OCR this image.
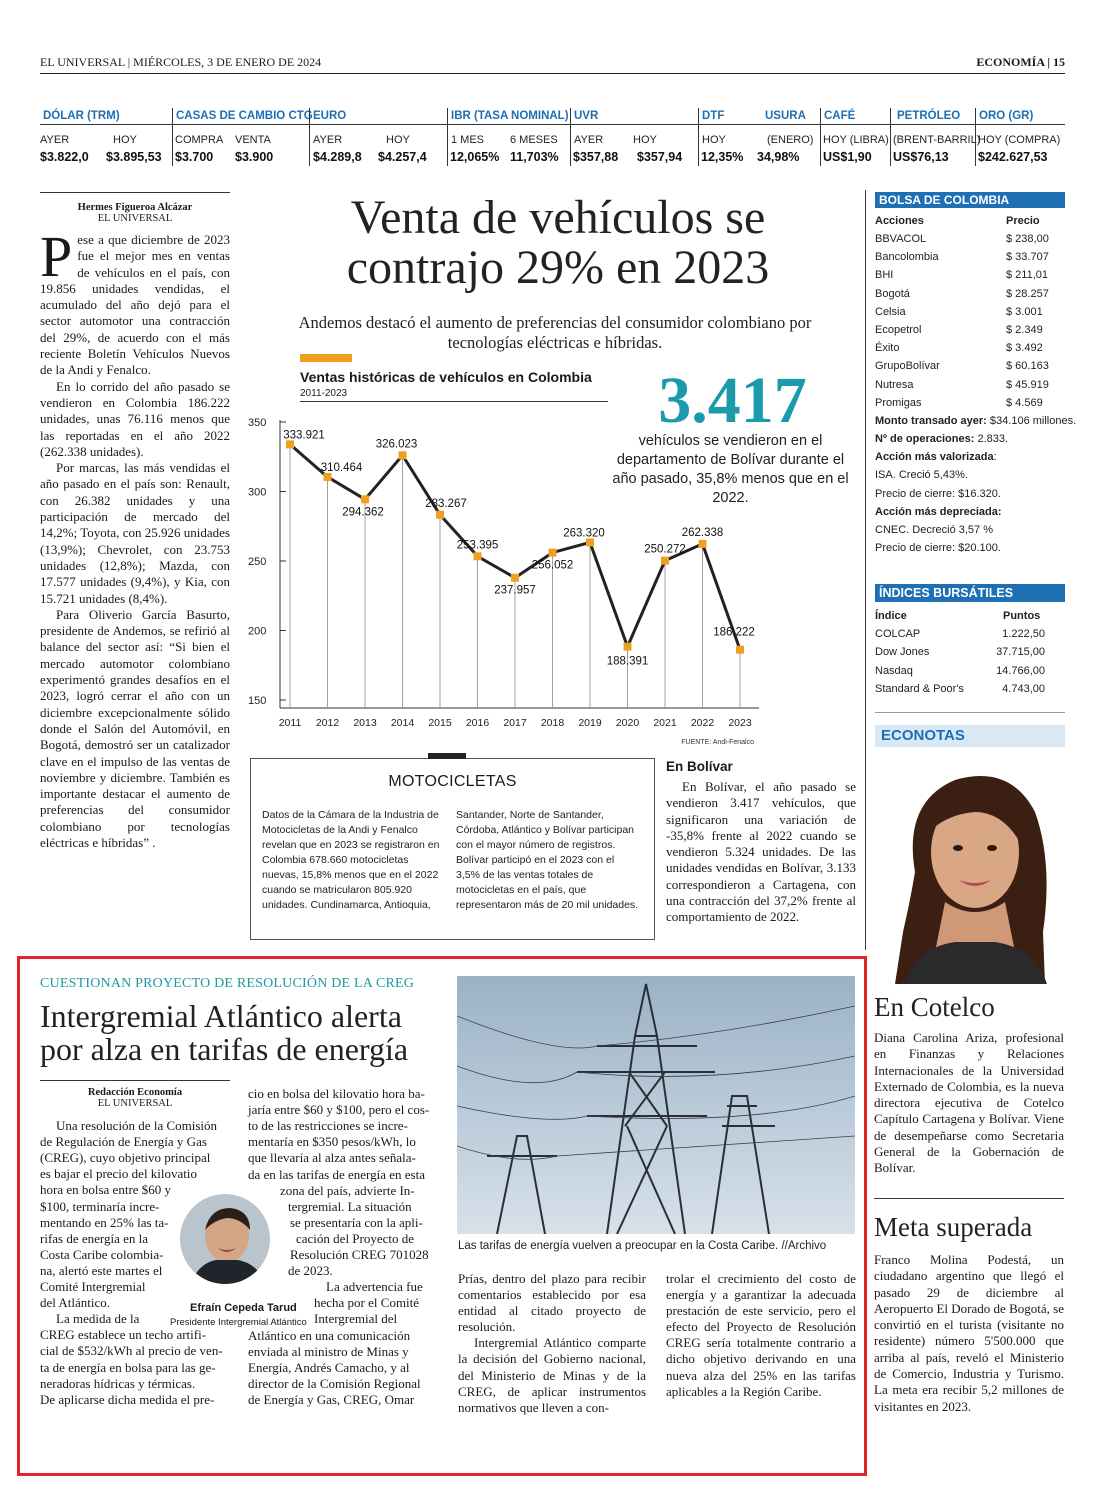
EL UNIVERSAL | MIÉRCOLES, 3 DE ENERO DE 2024	ECONOMÍA | 15
DÓLAR (TRM)
AYER	HOY
$3.822,0 $3.895,53
CASAS DE CAMBIO CTG
COMPRA VENTA
$3.700 $3.900
EURO
AYER	HOY
$4.289,8 $4.257,4
IBR (TASA NOMINAL)
1 MES 6 MESES
12,065% 11,703%
UVR
AYER	HOY
$357,88 $357,94
DTF	USURA
HOY	(ENERO)
12,35% 34,98%
CAFÉ
HOY (LIBRA)
US$1,90
PETRÓLEO
(BRENT-BARRIL)
US$76,13
ORO (GR)
HOY (COMPRA)
$242.627,53
Hermes Figueroa Alcázar
EL UNIVERSAL

Pese a que diciembre de 2023 fue el mejor mes en ventas de vehículos en el país, con 19.856 unidades vendidas, el acumulado del año dejó para el sector automotor una contracción del 29%, de acuerdo con el más reciente Boletín Vehículos Nuevos de la Andi y Fenalco.

En lo corrido del año pasado se vendieron en Colombia 186.222 unidades, unas 76.116 menos que las reportadas en el año 2022 (262.338 unidades).

Por marcas, las más vendidas el año pasado en el país son: Renault, con 26.382 unidades y una participación de mercado del 14,2%; Toyota, con 25.926 unidades (13,9%); Chevrolet, con 23.753 unidades (12,8%); Mazda, con 17.577 unidades (9,4%), y Kia, con 15.721 unidades (8,4%).

Para Oliverio García Basurto, presidente de Andemos, se refirió al balance del sector así: “Si bien el mercado automotor colombiano experimentó grandes desafíos en el 2023, logró cerrar el año con un diciembre excepcionalmente sólido donde el Salón del Automóvil, en Bogotá, demostró ser un catalizador clave en el impulso de las ventas de noviembre y diciembre. También es importante destacar el aumento de preferencias del consumidor colombiano por tecnologías eléctricas e híbridas” .

Venta de vehículos se
contrajo 29% en 2023
Andemos destacó el aumento de preferencias del consumidor colombiano por tecnologías eléctricas e híbridas.
Ventas históricas de vehículos en Colombia
2011-2023
150
200
250
300
350
333.921
2011
310.464
2012
294.362
2013
326.023
2014
283.267
2015
253.395
2016
237.957
2017
256.052
2018
263.320
2019
188.391
2020
250.272
2021
262.338
2022
186.222
2023
FUENTE: Andi-Fenalco
3.417
vehículos se vendieron en el departamento de Bolívar durante el año pasado, 35,8% menos que en el 2022.
MOTOCICLETAS
Datos de la Cámara de la Industria de Motocicletas de la Andi y Fenalco revelan que en 2023 se registraron en Colombia 678.660 motocicletas nuevas, 15,8% menos que en el 2022 cuando se matricularon 805.920 unidades. Cundinamarca, Antioquia,
Santander, Norte de Santander, Córdoba, Atlántico y Bolívar participan con el mayor número de registros. Bolívar participó en el 2023 con el 3,5% de las ventas totales de motocicletas en el país, que representaron más de 20 mil unidades.
En Bolívar

En Bolívar, el año pasado se vendieron 3.417 vehículos, que significaron una variación de -35,8% frente al 2022 cuando se vendieron 5.324 unidades. De las unidades vendidas en Bolívar, 3.133 correspondieron a Cartagena, con una contracción del 37,2% frente al comportamiento de 2022.

BOLSA DE COLOMBIA
Acciones	Precio
BBVACOL	$ 238,00
Bancolombia	$ 33.707
BHI	$ 211,01
Bogotá	$ 28.257
Celsia	$ 3.001
Ecopetrol	$ 2.349
Éxito	$ 3.492
GrupoBolívar	$ 60.163
Nutresa	$ 45.919
Promigas	$ 4.569
Monto transado ayer: $34.106 millones.
Nº de operaciones: 2.833.
Acción más valorizada:
ISA. Creció 5,43%.
Precio de cierre: $16.320.
Acción más depreciada:
CNEC. Decreció 3,57 %
Precio de cierre: $20.100.
ÍNDICES BURSÁTILES
Índice	Puntos
COLCAP	1.222,50
Dow Jones	37.715,00
Nasdaq	14.766,00
Standard & Poor's	4.743,00
ECONOTAS
En Cotelco

Diana Carolina Ariza, profesional en Finanzas y Relaciones Internacionales de la Universidad Externado de Colombia, es la nueva directora ejecutiva de Cotelco Capítulo Cartagena y Bolívar. Viene de desempeñarse como Secretaria General de la Gobernación de Bolívar.

Meta superada

Franco Molina Podestá, un ciudadano argentino que llegó el pasado 29 de diciembre al Aeropuerto El Dorado de Bogotá, se convirtió en el turista (visitante no residente) número 5'500.000 que arriba al país, reveló el Ministerio de Comercio, Industria y Turismo. La meta era recibir 5,2 millones de visitantes en 2023.

CUESTIONAN PROYECTO DE RESOLUCIÓN DE LA CREG
Intergremial Atlántico alerta
por alza en tarifas de energía
Redacción Economía
EL UNIVERSAL
Las tarifas de energía vuelven a preocupar en la Costa Caribe. //Archivo
Efraín Cepeda Tarud
Presidente Intergremial Atlántico
Una resolución de la Comisión
de Regulación de Energía y Gas
(CREG), cuyo objetivo principal
es bajar el precio del kilovatio
hora en bolsa entre $60 y
$100, terminaría incre-
mentando en 25% las ta-
rifas de energía en la
Costa Caribe colombia-
na, alertó este martes el
Comité Intergremial
del Atlántico.
La medida de la
CREG establece un techo artifi-
cial de $532/kWh al precio de ven-
ta de energía en bolsa para las ge-
neradoras hídricas y térmicas.
De aplicarse dicha medida el pre-
cio en bolsa del kilovatio hora ba-
jaría entre $60 y $100, pero el cos-
to de las restricciones se incre-
mentaría en $350 pesos/kWh, lo
que llevaría al alza antes señala-
da en las tarifas de energía en esta
zona del país, advierte In-
tergremial. La situación
se presentaría con la apli-
cación del Proyecto de
Resolución CREG 701028
de 2023.
La advertencia fue
hecha por el Comité
Intergremial del
Atlántico en una comunicación
enviada al ministro de Minas y
Energía, Andrés Camacho, y al
director de la Comisión Regional
de Energía y Gas, CREG, Omar

Prías, dentro del plazo para recibir comentarios establecido por esa entidad al citado proyecto de resolución.

Intergremial Atlántico comparte la decisión del Gobierno nacional, del Ministerio de Minas y de la CREG, de aplicar instrumentos normativos que lleven a con-

trolar el crecimiento del costo de energía y a garantizar la adecuada prestación de este servicio, pero el efecto del Proyecto de Resolución CREG sería totalmente contrario a dicho objetivo derivando en una nueva alza del 25% en las tarifas aplicables a la Región Caribe.
